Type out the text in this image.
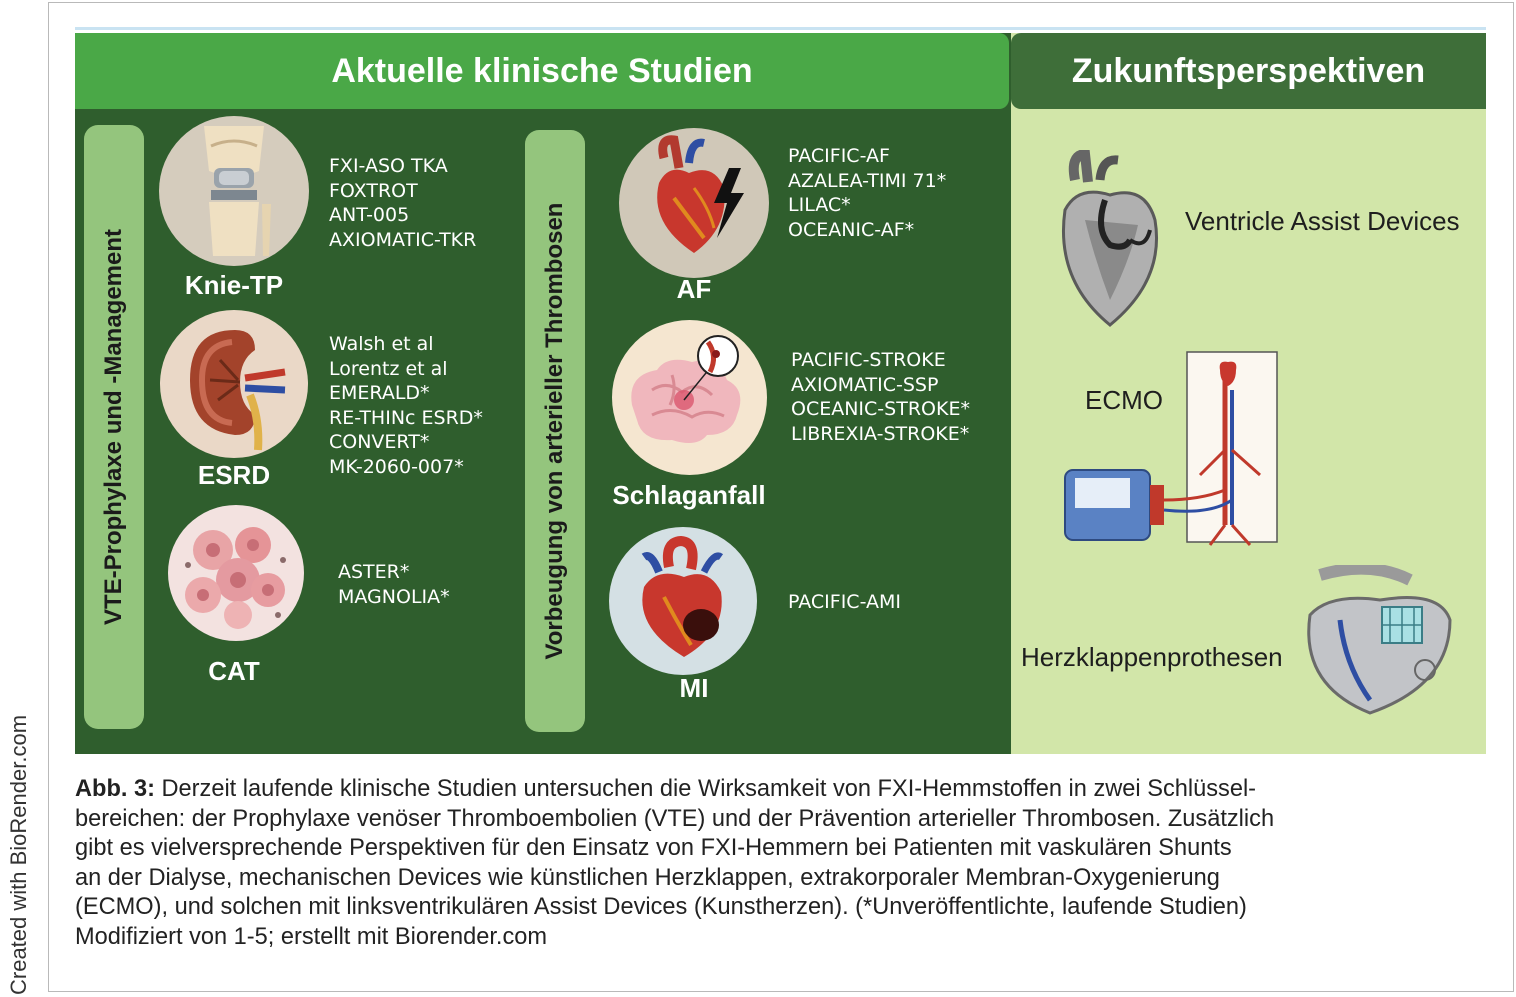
Created with BioRender.com
Aktuelle klinische Studien	Zukunftsperspektiven
VTE-Prophylaxe und -Management	Vorbeugung von arterieller Thrombosen
Knie-TP
FXI-ASO TKA
FOXTROT
ANT-005
AXIOMATIC-TKR
ESRD
Walsh et al
Lorentz et al
EMERALD*
RE-THINc ESRD*
CONVERT*
MK-2060-007*
CAT
ASTER*
MAGNOLIA*
AF
PACIFIC-AF
AZALEA-TIMI 71*
LILAC*
OCEANIC-AF*
Schlaganfall
PACIFIC-STROKE
AXIOMATIC-SSP
OCEANIC-STROKE*
LIBREXIA-STROKE*
MI
PACIFIC-AMI
Ventricle Assist Devices
ECMO
Herzklappenprothesen
Abb. 3: Derzeit laufende klinische Studien untersuchen die Wirksamkeit von FXI-Hemmstoffen in zwei Schlüssel-
bereichen: der Prophylaxe venöser Thromboembolien (VTE) und der Prävention arterieller Thrombosen. Zusätzlich
gibt es vielversprechende Perspektiven für den Einsatz von FXI-Hemmern bei Patienten mit vaskulären Shunts
an der Dialyse, mechanischen Devices wie künstlichen Herzklappen, extrakorporaler Membran-Oxygenierung
(ECMO), und solchen mit linksventrikulären Assist Devices (Kunstherzen). (*Unveröffentlichte, laufende Studien)
Modifiziert von 1-5; erstellt mit Biorender.com
